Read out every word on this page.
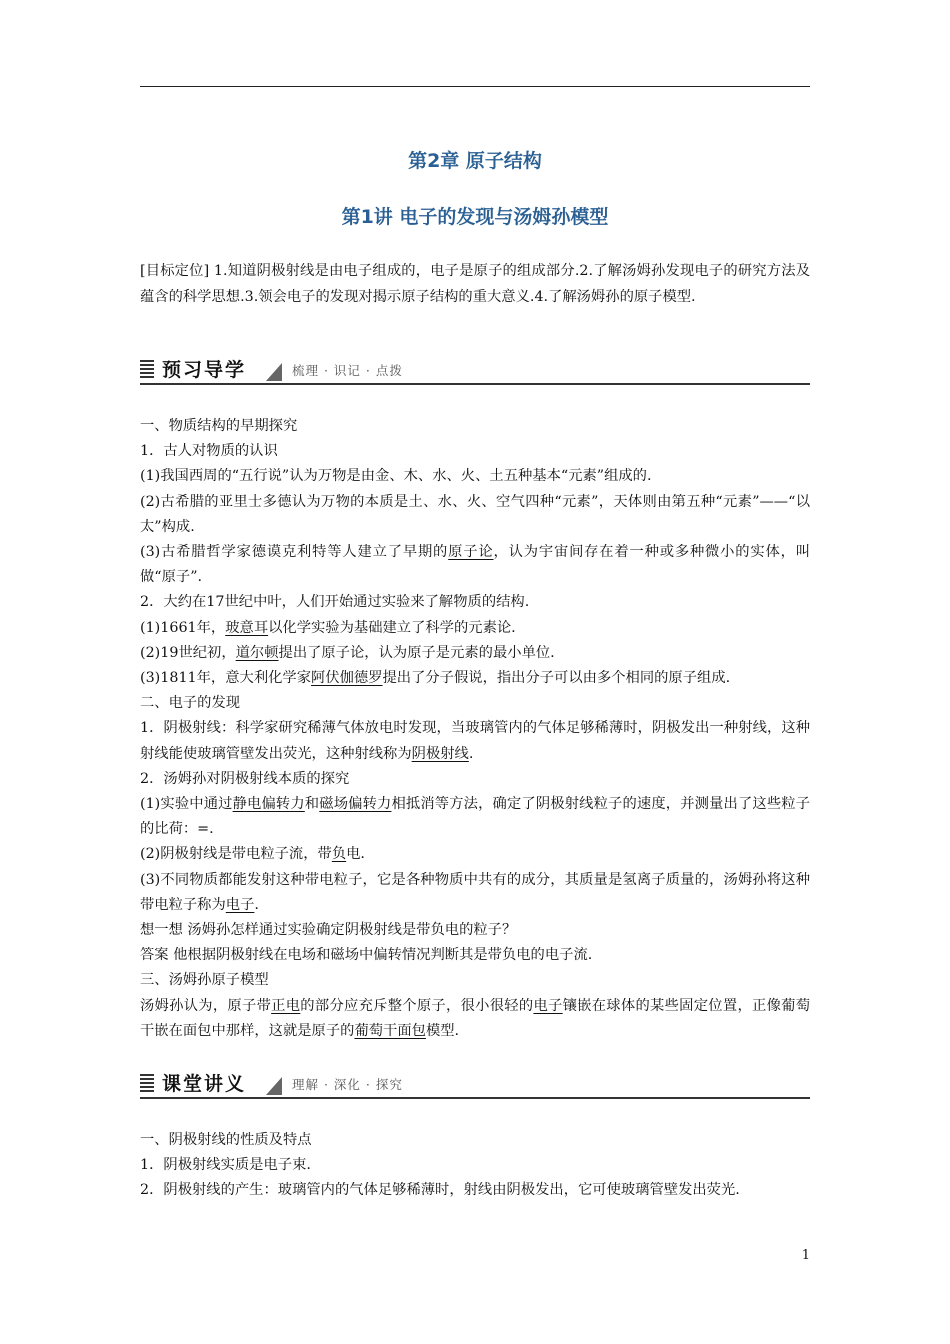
第2章 原子结构
第1讲 电子的发现与汤姆孙模型

[目标定位] 1.知道阴极射线是由电子组成的，电子是原子的组成部分.2.了解汤姆孙发现电子的研究方法及蕴含的科学思想.3.领会电子的发现对揭示原子结构的重大意义.4.了解汤姆孙的原子模型.

预习导学	梳理 · 识记 · 点拨

一、物质结构的早期探究

1．古人对物质的认识

(1)我国西周的“五行说”认为万物是由金、木、水、火、土五种基本“元素”组成的.

(2)古希腊的亚里士多德认为万物的本质是土、水、火、空气四种“元素”，天体则由第五种“元素”——“以太”构成.

(3)古希腊哲学家德谟克利特等人建立了早期的原子论，认为宇宙间存在着一种或多种微小的实体，叫做“原子”.

2．大约在17世纪中叶，人们开始通过实验来了解物质的结构.

(1)1661年，玻意耳以化学实验为基础建立了科学的元素论.

(2)19世纪初，道尔顿提出了原子论，认为原子是元素的最小单位.

(3)1811年，意大利化学家阿伏伽德罗提出了分子假说，指出分子可以由多个相同的原子组成.

二、电子的发现

1．阴极射线：科学家研究稀薄气体放电时发现，当玻璃管内的气体足够稀薄时，阴极发出一种射线，这种射线能使玻璃管壁发出荧光，这种射线称为阴极射线.

2．汤姆孙对阴极射线本质的探究

(1)实验中通过静电偏转力和磁场偏转力相抵消等方法，确定了阴极射线粒子的速度，并测量出了这些粒子的比荷：=.

(2)阴极射线是带电粒子流，带负电.

(3)不同物质都能发射这种带电粒子，它是各种物质中共有的成分，其质量是氢离子质量的，汤姆孙将这种带电粒子称为电子.

想一想 汤姆孙怎样通过实验确定阴极射线是带负电的粒子？

答案 他根据阴极射线在电场和磁场中偏转情况判断其是带负电的电子流.

三、汤姆孙原子模型

汤姆孙认为，原子带正电的部分应充斥整个原子，很小很轻的电子镶嵌在球体的某些固定位置，正像葡萄干嵌在面包中那样，这就是原子的葡萄干面包模型.

课堂讲义	理解 · 深化 · 探究

一、阴极射线的性质及特点

1．阴极射线实质是电子束.

2．阴极射线的产生：玻璃管内的气体足够稀薄时，射线由阴极发出，它可使玻璃管壁发出荧光.

1
